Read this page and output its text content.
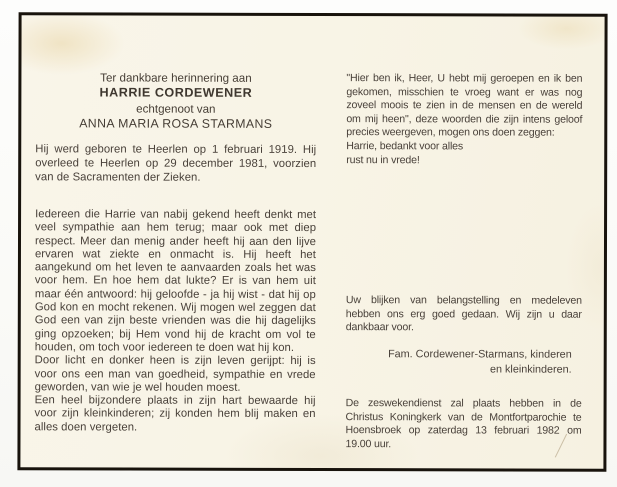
Ter dankbare herinnering aan
HARRIE CORDEWENER
echtgenoot van
ANNA MARIA ROSA STARMANS

Hij werd geboren te Heerlen op 1 februari 1919. Hij overleed te Heerlen op 29 december 1981, voorzien van de Sacramenten der Zieken.

Iedereen die Harrie van nabij gekend heeft denkt met veel sympathie aan hem terug; maar ook met diep respect. Meer dan menig ander heeft hij aan den lijve ervaren wat ziekte en onmacht is. Hij heeft het aangekund om het leven te aanvaarden zoals het was voor hem. En hoe hem dat lukte? Er is van hem uit maar één antwoord: hij geloofde - ja hij wist - dat hij op God kon en mocht rekenen. Wij mogen wel zeggen dat God een van zijn beste vrienden was die hij dagelijks ging opzoeken; bij Hem vond hij de kracht om vol te houden, om toch voor iedereen te doen wat hij kon.

Door licht en donker heen is zijn leven gerijpt: hij is voor ons een man van goedheid, sympathie en vrede geworden, van wie je wel houden moest.

Een heel bijzondere plaats in zijn hart bewaarde hij voor zijn kleinkinderen; zij konden hem blij maken en alles doen vergeten.

"Hier ben ik, Heer, U hebt mij geroepen en ik ben gekomen, misschien te vroeg want er was nog zoveel moois te zien in de mensen en de wereld om mij heen", deze woorden die zijn intens geloof precies weergeven, mogen ons doen zeggen:

Harrie, bedankt voor alles
rust nu in vrede!

Uw blijken van belangstelling en medeleven hebben ons erg goed gedaan. Wij zijn u daar dankbaar voor.

Fam. Cordewener-Starmans, kinderen
en kleinkinderen.

De zeswekendienst zal plaats hebben in de Christus Koningkerk van de Montfortparochie te Hoensbroek op zaterdag 13 februari 1982 om 19.00 uur.
